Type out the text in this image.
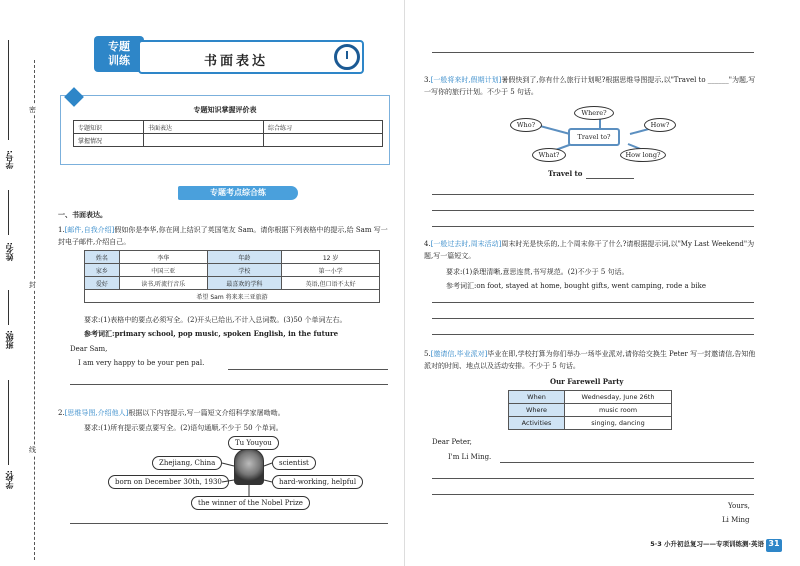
密
封
线
学号:
姓名:
班级:
学校:
专题
训练	书面表达
专题知识掌握评价表
专题知识	书面表达	综合练习
掌握情况		
专题考点综合练
一、书面表达。
1.[邮件,自我介绍]假如你是李华,你在网上结识了英国笔友 Sam。请你根据下列表格中的提示,给 Sam 写一封电子邮件,介绍自己。
姓名	李华	年龄	12 岁
家乡	中国三亚	学校	第一小学
爱好	读书,听流行音乐	最喜欢的学科	英语,但口语不太好
希望 Sam 将来来三亚旅游			
要求:(1)表格中的要点必须写全。(2)开头已给出,不计入总词数。(3)50 个单词左右。
参考词汇:primary school, pop music, spoken English, in the future
Dear Sam,
I am very happy to be your pen pal.
2.[思维导图,介绍他人]根据以下内容提示,写一篇短文介绍科学家屠呦呦。
要求:(1)所有提示要点要写全。(2)语句通顺,不少于 50 个单词。
Tu Youyou
Zhejiang, China	scientist
born on December 30th, 1930	hard-working, helpful
the winner of the Nobel Prize
3.[一般将来时,假期计划]暑假快到了,你有什么旅行计划呢?根据思维导图提示,以"Travel to ______"为题,写一写你的旅行计划。不少于 5 句话。
Where?
Who?
Travel to?
How?
What?	How long?
Travel to
4.[一般过去时,周末活动]周末时光是快乐的,上个周末你干了什么?请根据提示词,以"My Last Weekend"为题,写一篇短文。
要求:(1)条理清晰,意思连贯,书写规范。(2)不少于 5 句话。
参考词汇:on foot, stayed at home, bought gifts, went camping, rode a bike
5.[邀请信,毕业派对]毕业在即,学校打算为你们举办一场毕业派对,请你给交换生 Peter 写一封邀请信,告知他派对的时间、地点以及活动安排。不少于 5 句话。
Our Farewell Party
When	Wednesday, June 26th
Where	music room
Activities	singing, dancing
Dear Peter,
I'm Li Ming.
Yours,
Li Ming
5·3 小升初总复习——专项训练测·英语 31
